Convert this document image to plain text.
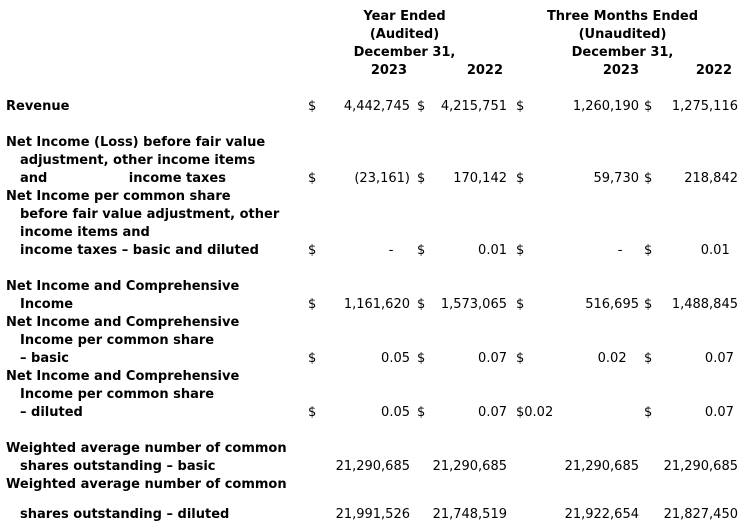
Year Ended	Three Months Ended
(Audited)	(Unaudited)
December 31,	December 31,
2023	2022	2023	2022
Revenue	$	4,442,745 $	4,215,751 $	1,260,190 $	1,275,116
Net Income (Loss) before fair value
adjustment, other income items
and                  income taxes	$	(23,161) $	170,142 $	59,730 $	218,842
Net Income per common share
before fair value adjustment, other
income items and
income taxes – basic and diluted	$	- $	0.01 $	- $	0.01
Net Income and Comprehensive
Income	$	1,161,620 $	1,573,065 $	516,695 $	1,488,845
Net Income and Comprehensive
Income per common share
– basic	$	0.05 $	0.07 $	0.02 $	0.07
Net Income and Comprehensive
Income per common share
– diluted	$	0.05 $	0.07 $0.02	$	0.07
Weighted average number of common
shares outstanding – basic	21,290,685 21,290,685	21,290,685 21,290,685
Weighted average number of common
shares outstanding – diluted	21,991,526 21,748,519	21,922,654 21,827,450
